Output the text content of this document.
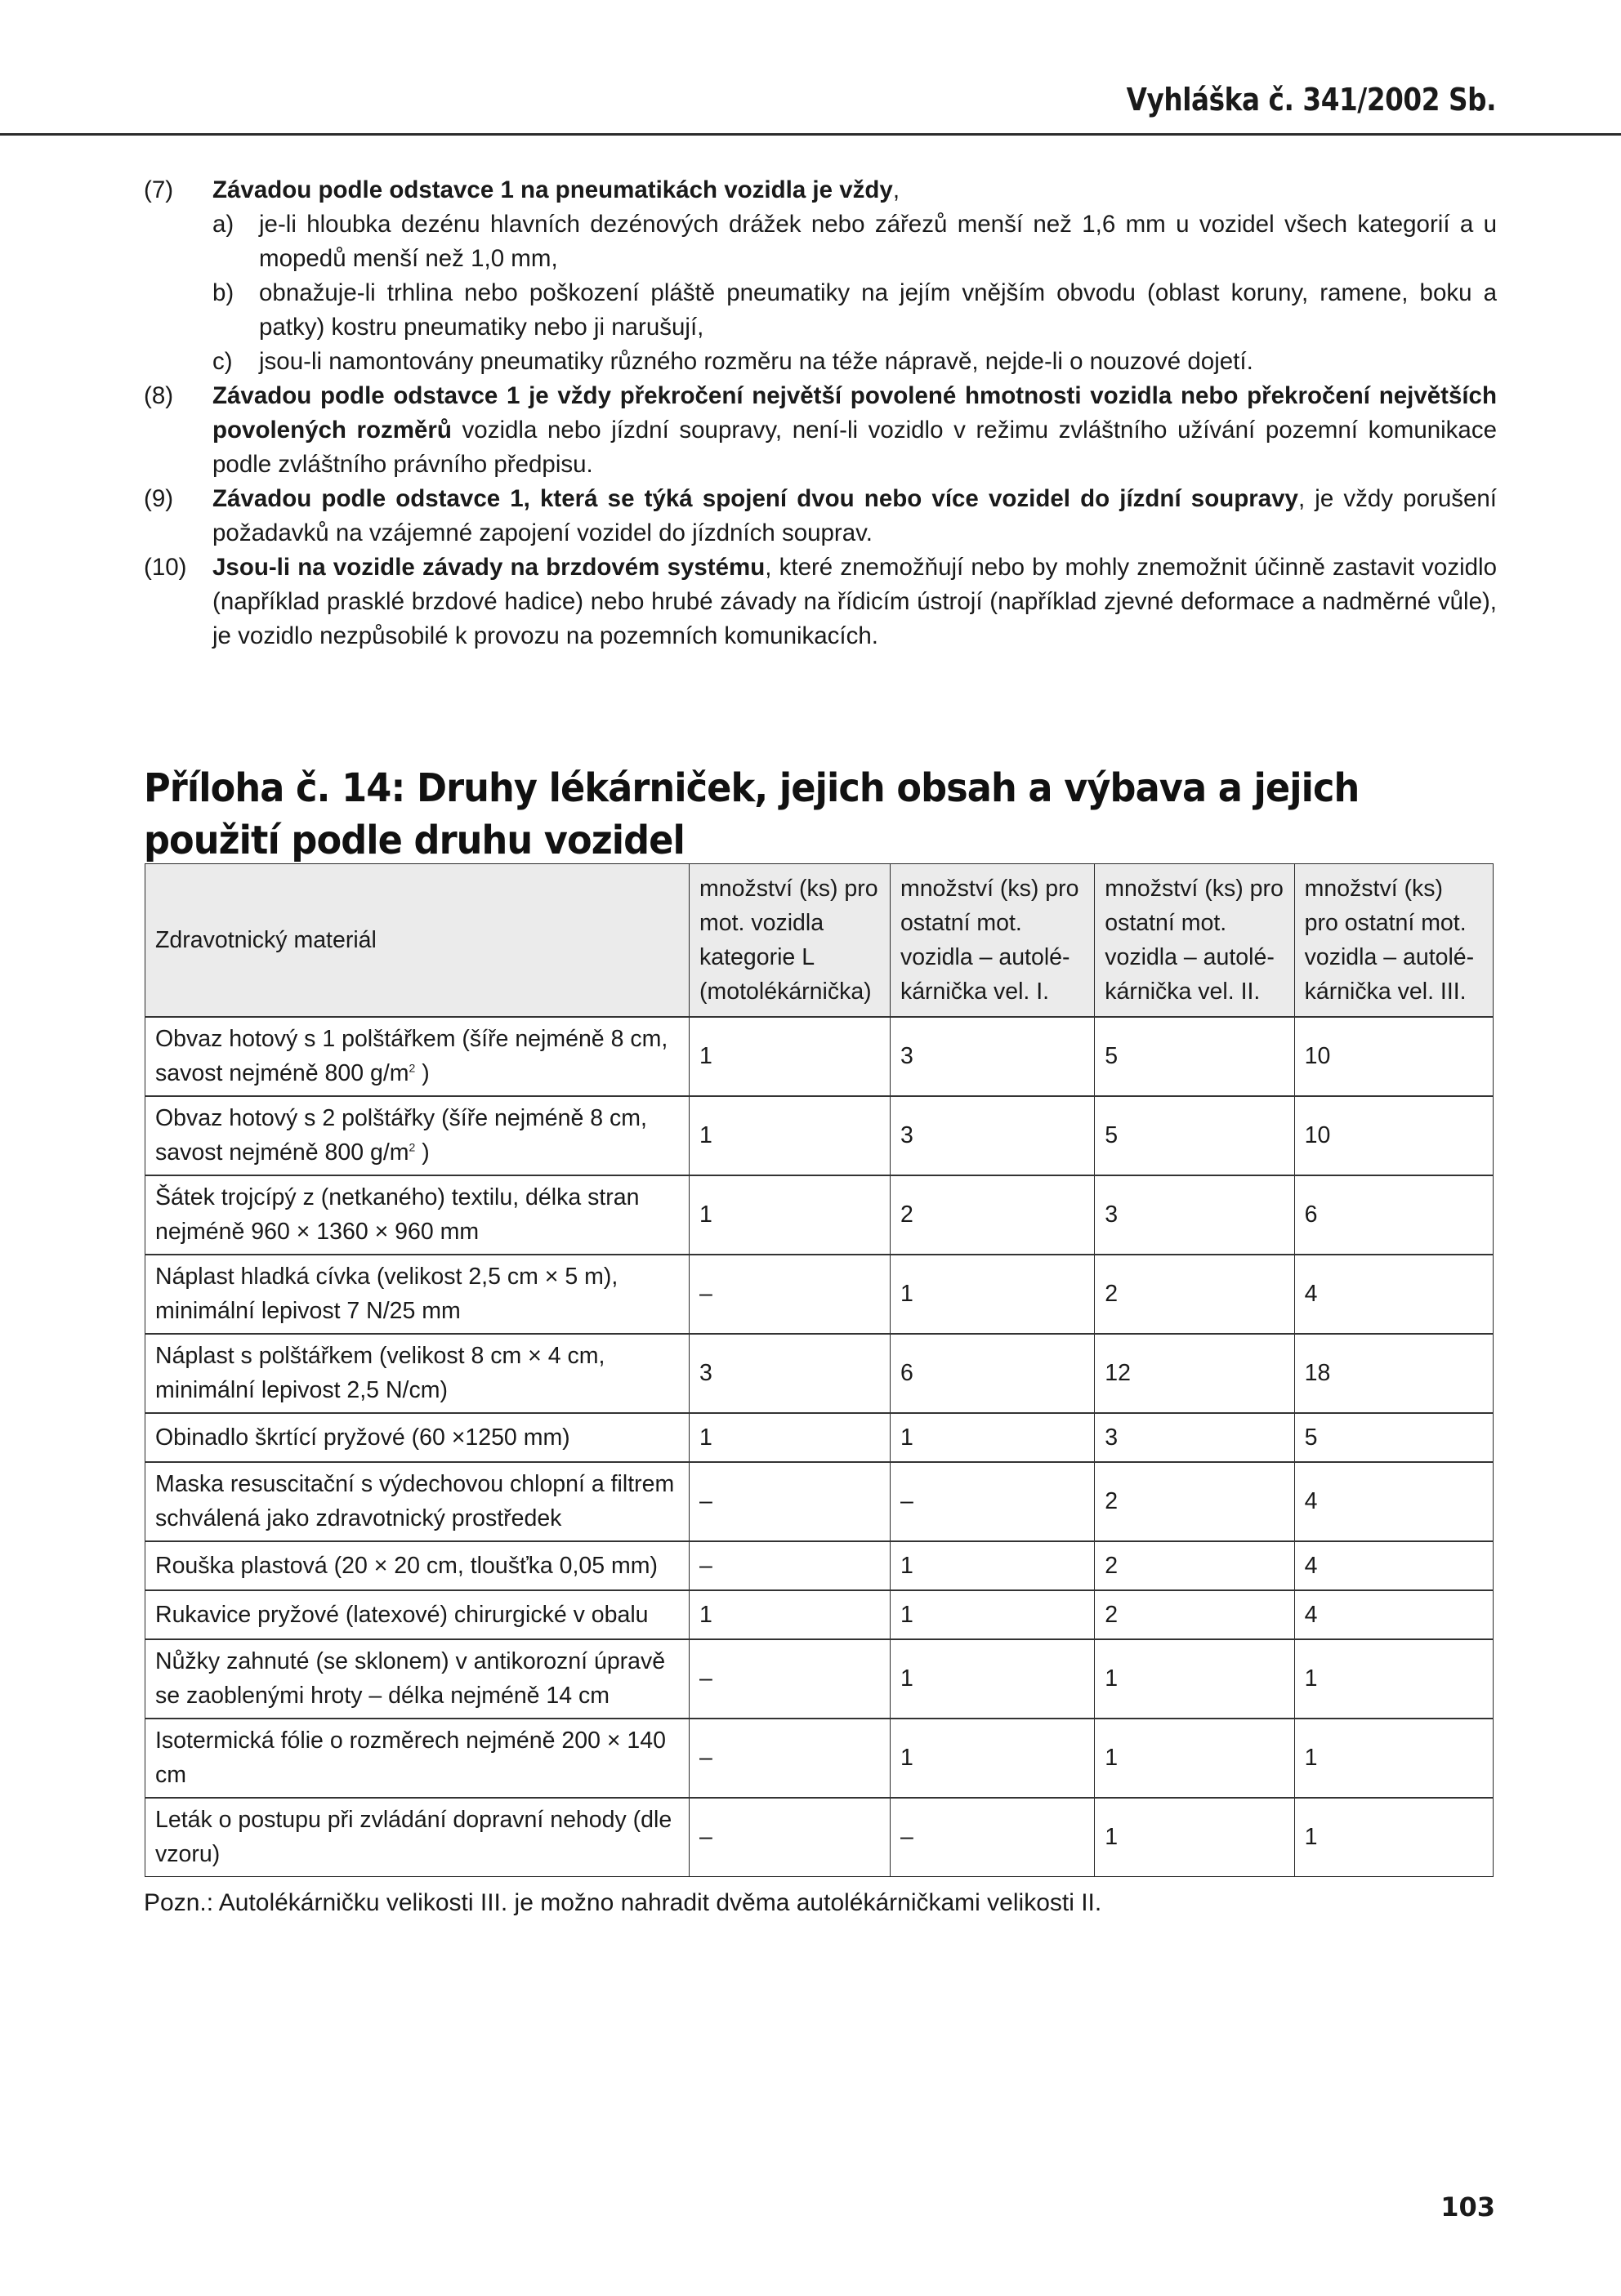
Vyhláška č. 341/2002 Sb.
(7)	Závadou podle odstavce 1 na pneumatikách vozidla je vždy,
a)	je-li hloubka dezénu hlavních dezénových drážek nebo zářezů menší než 1,6 mm u vozidel všech kategorií a u mopedů menší než 1,0 mm,
b)	obnažuje-li trhlina nebo poškození pláště pneumatiky na jejím vnějším obvodu (oblast koruny, ramene, boku a patky) kostru pneumatiky nebo ji narušují,
c)	jsou-li namontovány pneumatiky různého rozměru na téže nápravě, nejde-li o nouzové dojetí.
(8)	Závadou podle odstavce 1 je vždy překročení největší povolené hmotnosti vozidla nebo překročení největších povolených rozměrů vozidla nebo jízdní soupravy, není-li vozidlo v režimu zvláštního užívání pozemní komunikace podle zvláštního právního předpisu.
(9)	Závadou podle odstavce 1, která se týká spojení dvou nebo více vozidel do jízdní soupravy, je vždy porušení požadavků na vzájemné zapojení vozidel do jízdních souprav.
(10)	Jsou-li na vozidle závady na brzdovém systému, které znemožňují nebo by mohly znemožnit účinně zastavit vozidlo (například prasklé brzdové hadice) nebo hrubé závady na řídicím ústrojí (například zjevné deformace a nadměrné vůle), je vozidlo nezpůsobilé k provozu na pozemních komunikacích.
Příloha č. 14: Druhy lékárniček, jejich obsah a výbava a jejich použití podle druhu vozidel
Zdravotnický materiál	množství (ks) pro mot. vozidla kategorie L (motolékárnička)	množství (ks) pro ostatní mot. vozidla – autolé-kárnička vel. I.	množství (ks) pro ostatní mot. vozidla – autolé-kárnička vel. II.	množství (ks) pro ostatní mot. vozidla – autolé-kárnička vel. III.
Obvaz hotový s 1 polštářkem (šíře nejméně 8 cm, savost nejméně 800 $g/m^2$ )	1	3	5	10
Obvaz hotový s 2 polštářky (šíře nejméně 8 cm, savost nejméně 800 $g/m^2$ )	1	3	5	10
Šátek trojcípý z (netkaného) textilu, délka stran nejméně 960 × 1360 × 960 mm	1	2	3	6
Náplast hladká cívka (velikost 2,5 cm × 5 m), minimální lepivost 7 N/25 mm	–	1	2	4
Náplast s polštářkem (velikost 8 cm × 4 cm, minimální lepivost 2,5 N/cm)	3	6	12	18
Obinadlo škrtící pryžové (60 ×1250 mm)	1	1	3	5
Maska resuscitační s výdechovou chlopní a filtrem schválená jako zdravotnický prostředek	–	–	2	4
Rouška plastová (20 × 20 cm, tloušťka 0,05 mm)	–	1	2	4
Rukavice pryžové (latexové) chirurgické v obalu	1	1	2	4
Nůžky zahnuté (se sklonem) v antikorozní úpravě se zaoblenými hroty – délka nejméně 14 cm	–	1	1	1
Isotermická fólie o rozměrech nejméně 200 × 140 cm	–	1	1	1
Leták o postupu při zvládání dopravní nehody (dle vzoru)	–	–	1	1
Pozn.: Autolékárničku velikosti III. je možno nahradit dvěma autolékárničkami velikosti II.
103
